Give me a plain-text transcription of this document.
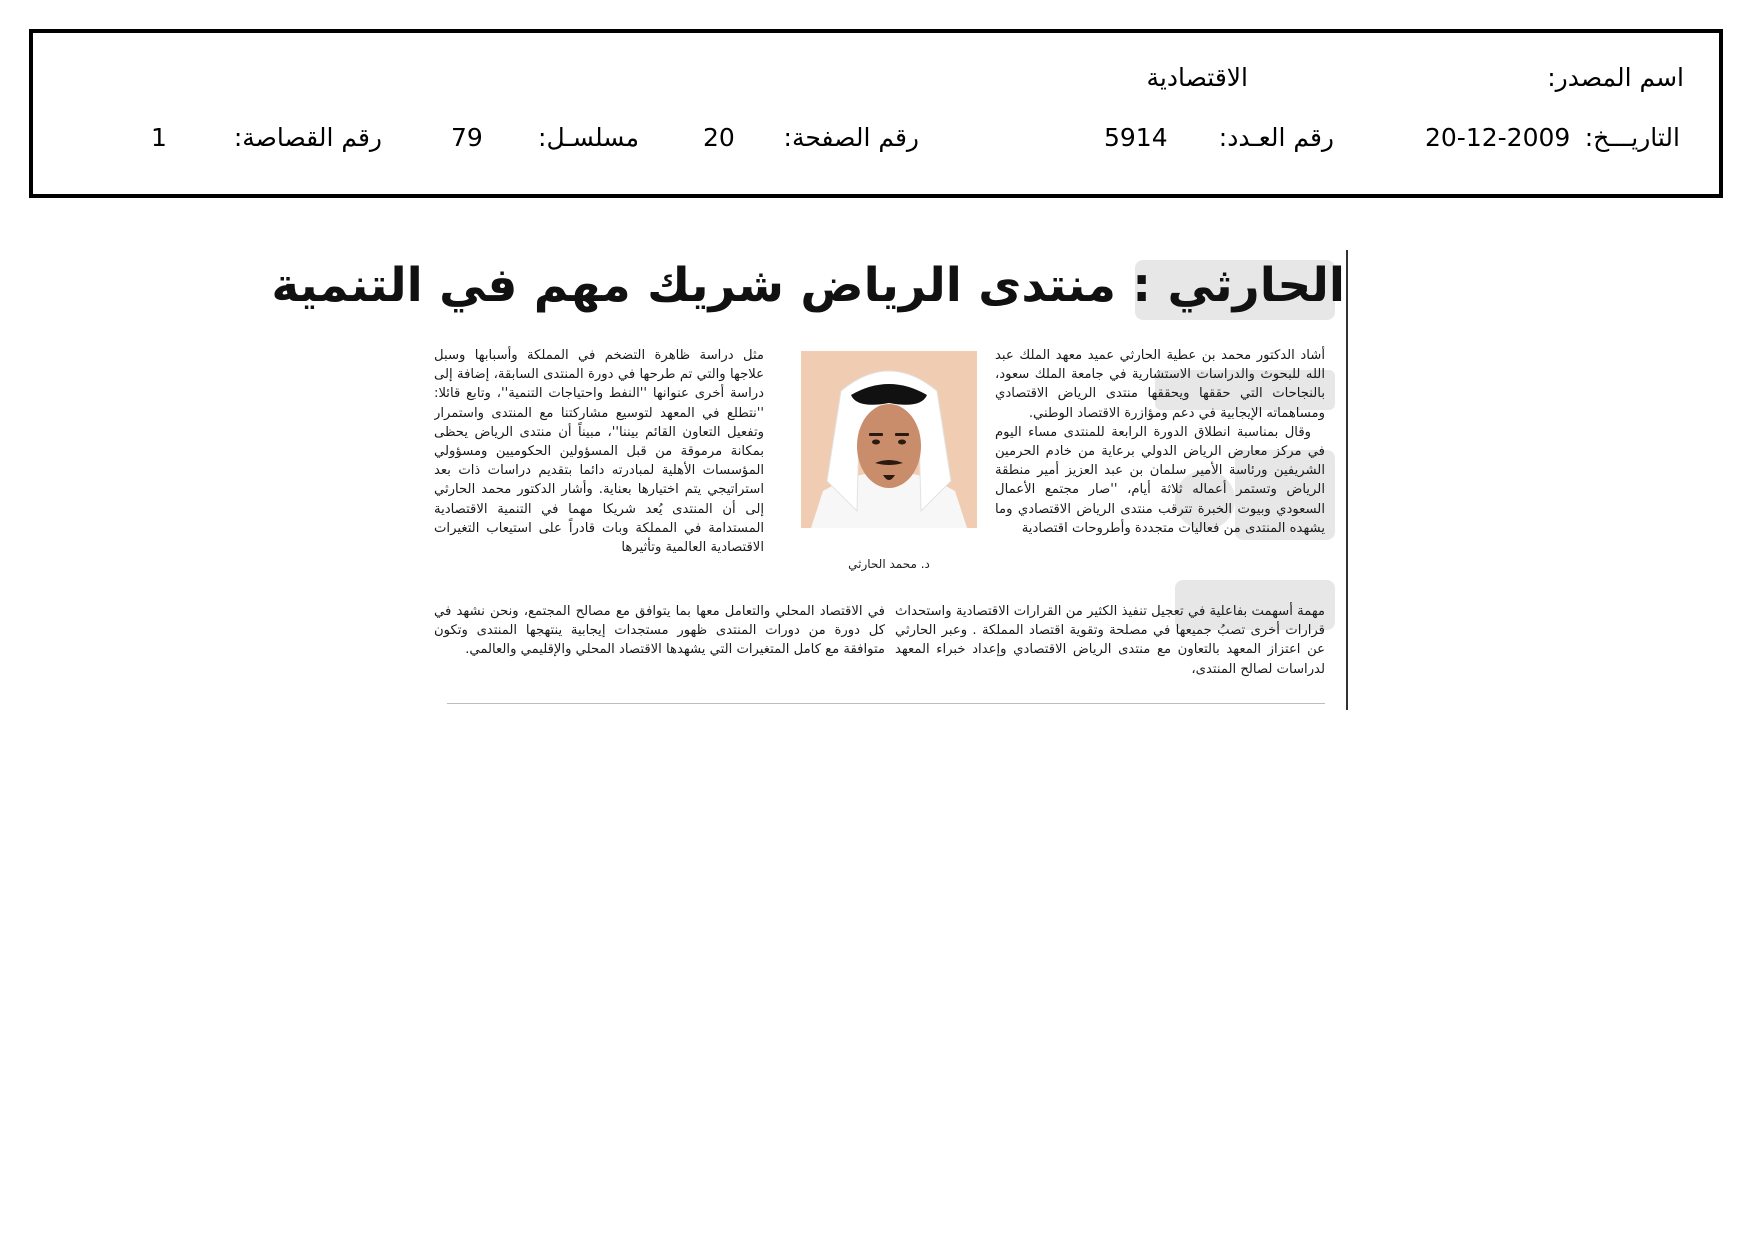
اسم المصدر:
الاقتصادية
التاريـــخ:
20-12-2009
رقم العـدد:
5914
رقم الصفحة:
20
مسلسـل:
79
رقم القصاصة:
1
الحارثي : منتدى الرياض شريك مهم في التنمية

أشاد الدكتور محمد بن عطية الحارثي عميد معهد الملك عبد الله للبحوث والدراسات الاستشارية في جامعة الملك سعود، بالنجاحات التي حققها ويحققها منتدى الرياض الاقتصادي ومساهماته الإيجابية في دعم ومؤازرة الاقتصاد الوطني.

وقال بمناسبة انطلاق الدورة الرابعة للمنتدى مساء اليوم في مركز معارض الرياض الدولي برعاية من خادم الحرمين الشريفين ورئاسة الأمير سلمان بن عبد العزيز أمير منطقة الرياض وتستمر أعماله ثلاثة أيام، ''صار مجتمع الأعمال السعودي وبيوت الخبرة تترقب منتدى الرياض الاقتصادي وما يشهده المنتدى من فعاليات متجددة وأطروحات اقتصادية

د. محمد الحارثي

مثل دراسة ظاهرة التضخم في المملكة وأسبابها وسبل علاجها والتي تم طرحها في دورة المنتدى السابقة، إضافة إلى دراسة أخرى عنوانها ''النفط واحتياجات التنمية''، وتابع قائلا: ''نتطلع في المعهد لتوسيع مشاركتنا مع المنتدى واستمرار وتفعيل التعاون القائم بيننا''، مبيناً أن منتدى الرياض يحظى بمكانة مرموقة من قبل المسؤولين الحكوميين ومسؤولي المؤسسات الأهلية لمبادرته دائما بتقديم دراسات ذات بعد استراتيجي يتم اختيارها بعناية. وأشار الدكتور محمد الحارثي إلى أن المنتدى يُعد شريكا مهما في التنمية الاقتصادية المستدامة في المملكة وبات قادراً على استيعاب التغيرات الاقتصادية العالمية وتأثيرها

مهمة أسهمت بفاعلية في تعجيل تنفيذ الكثير من القرارات الاقتصادية واستحداث قرارات أخرى تصبُ جميعها في مصلحة وتقوية اقتصاد المملكة . وعبر الحارثي عن اعتزاز المعهد بالتعاون مع منتدى الرياض الاقتصادي وإعداد خبراء المعهد لدراسات لصالح المنتدى،

في الاقتصاد المحلي والتعامل معها بما يتوافق مع مصالح المجتمع، ونحن نشهد في كل دورة من دورات المنتدى ظهور مستجدات إيجابية ينتهجها المنتدى وتكون متوافقة مع كامل المتغيرات التي يشهدها الاقتصاد المحلي والإقليمي والعالمي.
